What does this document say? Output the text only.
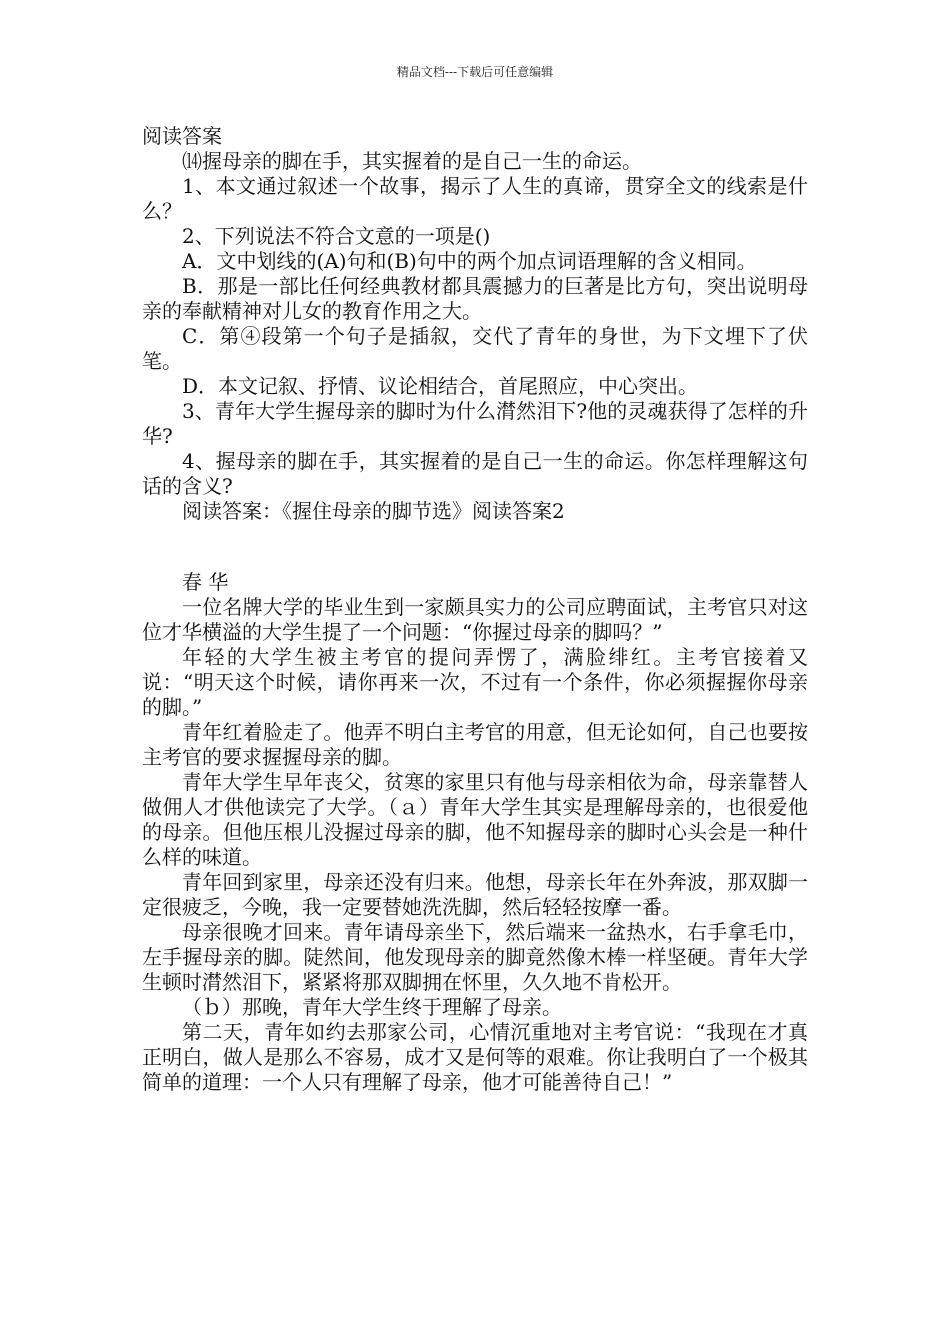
精品文档---下载后可任意编辑

阅读答案

⒁握母亲的脚在手，其实握着的是自己一生的命运。

1、本文通过叙述一个故事，揭示了人生的真谛，贯穿全文的线索是什么？

2、下列说法不符合文意的一项是()

A．文中划线的(A)句和(B)句中的两个加点词语理解的含义相同。

B．那是一部比任何经典教材都具震撼力的巨著是比方句，突出说明母亲的奉献精神对儿女的教育作用之大。

C．第④段第一个句子是插叙，交代了青年的身世，为下文埋下了伏笔。

D．本文记叙、抒情、议论相结合，首尾照应，中心突出。

3、青年大学生握母亲的脚时为什么潸然泪下?他的灵魂获得了怎样的升华?

4、握母亲的脚在手，其实握着的是自己一生的命运。你怎样理解这句话的含义?

阅读答案：《握住母亲的脚节选》阅读答案2

春 华

一位名牌大学的毕业生到一家颇具实力的公司应聘面试，主考官只对这位才华横溢的大学生提了一个问题：“你握过母亲的脚吗？”

年轻的大学生被主考官的提问弄愣了，满脸绯红。主考官接着又说：“明天这个时候，请你再来一次，不过有一个条件，你必须握握你母亲的脚。”

青年红着脸走了。他弄不明白主考官的用意，但无论如何，自己也要按主考官的要求握握母亲的脚。

青年大学生早年丧父，贫寒的家里只有他与母亲相依为命，母亲靠替人做佣人才供他读完了大学。（ａ）青年大学生其实是理解母亲的，也很爱他的母亲。但他压根儿没握过母亲的脚，他不知握母亲的脚时心头会是一种什么样的味道。

青年回到家里，母亲还没有归来。他想，母亲长年在外奔波，那双脚一定很疲乏，今晚，我一定要替她洗洗脚，然后轻轻按摩一番。

母亲很晚才回来。青年请母亲坐下，然后端来一盆热水，右手拿毛巾，左手握母亲的脚。陡然间，他发现母亲的脚竟然像木棒一样坚硬。青年大学生顿时潸然泪下，紧紧将那双脚拥在怀里，久久地不肯松开。

（ｂ）那晚，青年大学生终于理解了母亲。

第二天，青年如约去那家公司，心情沉重地对主考官说：“我现在才真正明白，做人是那么不容易，成才又是何等的艰难。你让我明白了一个极其简单的道理：一个人只有理解了母亲，他才可能善待自己！”
